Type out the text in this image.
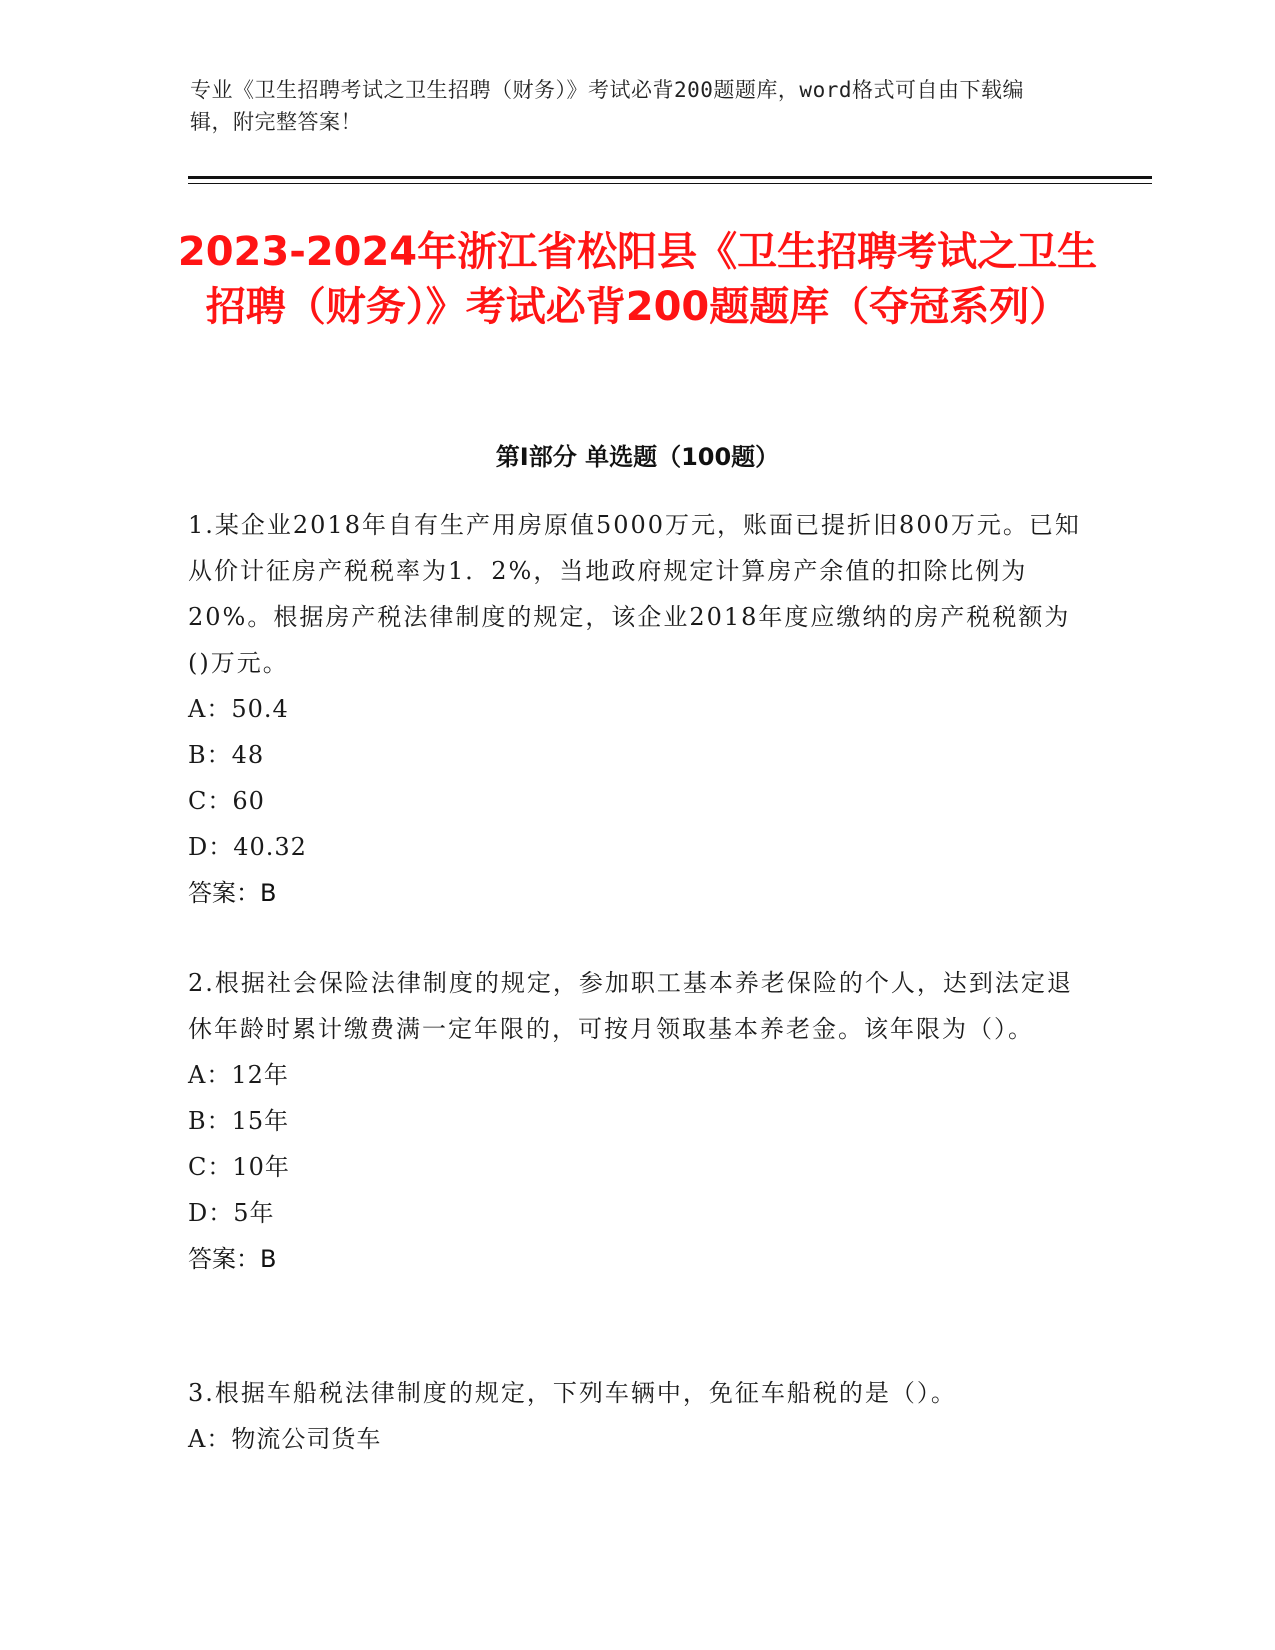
专业《卫生招聘考试之卫生招聘（财务）》考试必背200题题库，word格式可自由下载编辑，附完整答案！
2023-2024年浙江省松阳县《卫生招聘考试之卫生招聘（财务）》考试必背200题题库（夺冠系列）
第I部分 单选题（100题）
1.某企业2018年自有生产用房原值5000万元，账面已提折旧800万元。已知从价计征房产税税率为1．2%，当地政府规定计算房产余值的扣除比例为20%。根据房产税法律制度的规定，该企业2018年度应缴纳的房产税税额为()万元。
A：50.4
B：48
C：60
D：40.32
答案：B
2.根据社会保险法律制度的规定，参加职工基本养老保险的个人，达到法定退休年龄时累计缴费满一定年限的，可按月领取基本养老金。该年限为（）。
A：12年
B：15年
C：10年
D：5年
答案：B
3.根据车船税法律制度的规定，下列车辆中，免征车船税的是（）。
A：物流公司货车
